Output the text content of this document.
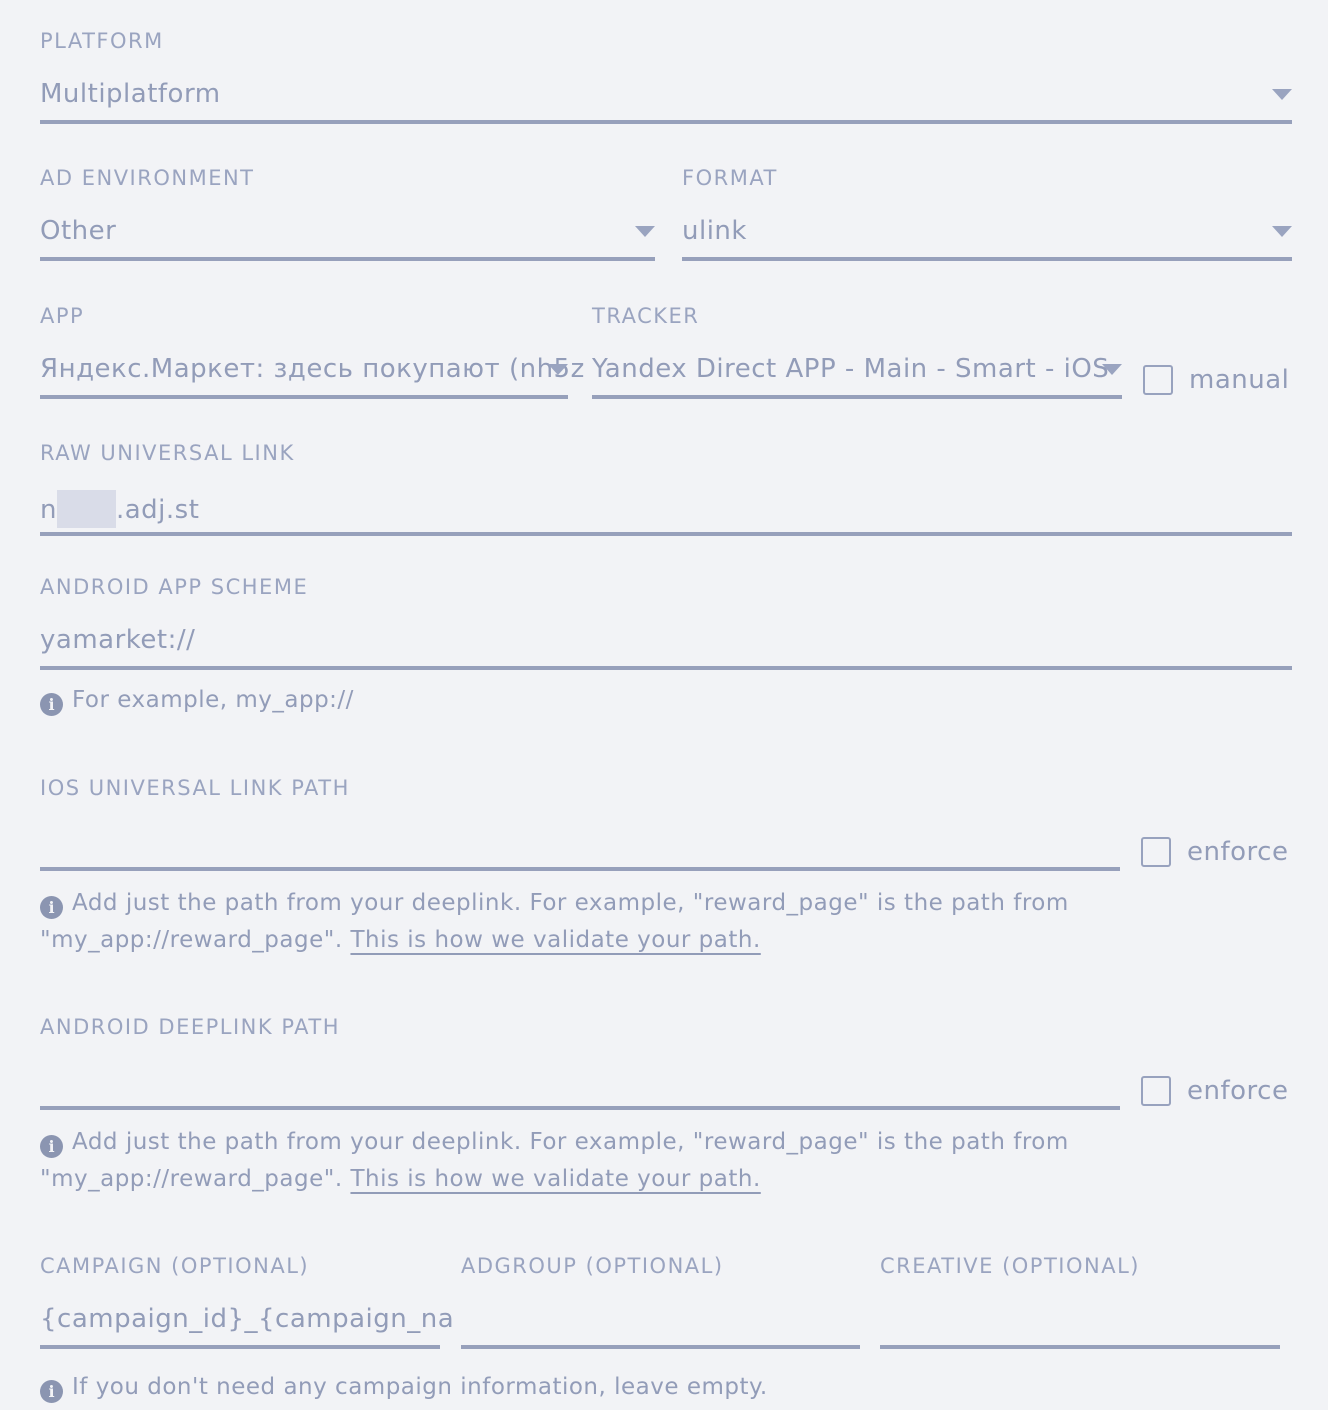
PLATFORM
Multiplatform
AD ENVIRONMENT
Other
FORMAT
ulink
APP
Яндекс.Маркет: здесь покупают (nh5z
TRACKER
Yandex Direct APP - Main - Smart - iOS	manual
RAW UNIVERSAL LINK
n .adj.st
ANDROID APP SCHEME
yamarket://
i For example, my_app://
IOS UNIVERSAL LINK PATH
enforce
i Add just the path from your deeplink. For example, "reward_page" is the path from
"my_app://reward_page". This is how we validate your path.
ANDROID DEEPLINK PATH
enforce
i Add just the path from your deeplink. For example, "reward_page" is the path from
"my_app://reward_page". This is how we validate your path.
CAMPAIGN (OPTIONAL)
{campaign_id}_{campaign_na
ADGROUP (OPTIONAL)	CREATIVE (OPTIONAL)
i If you don't need any campaign information, leave empty.
